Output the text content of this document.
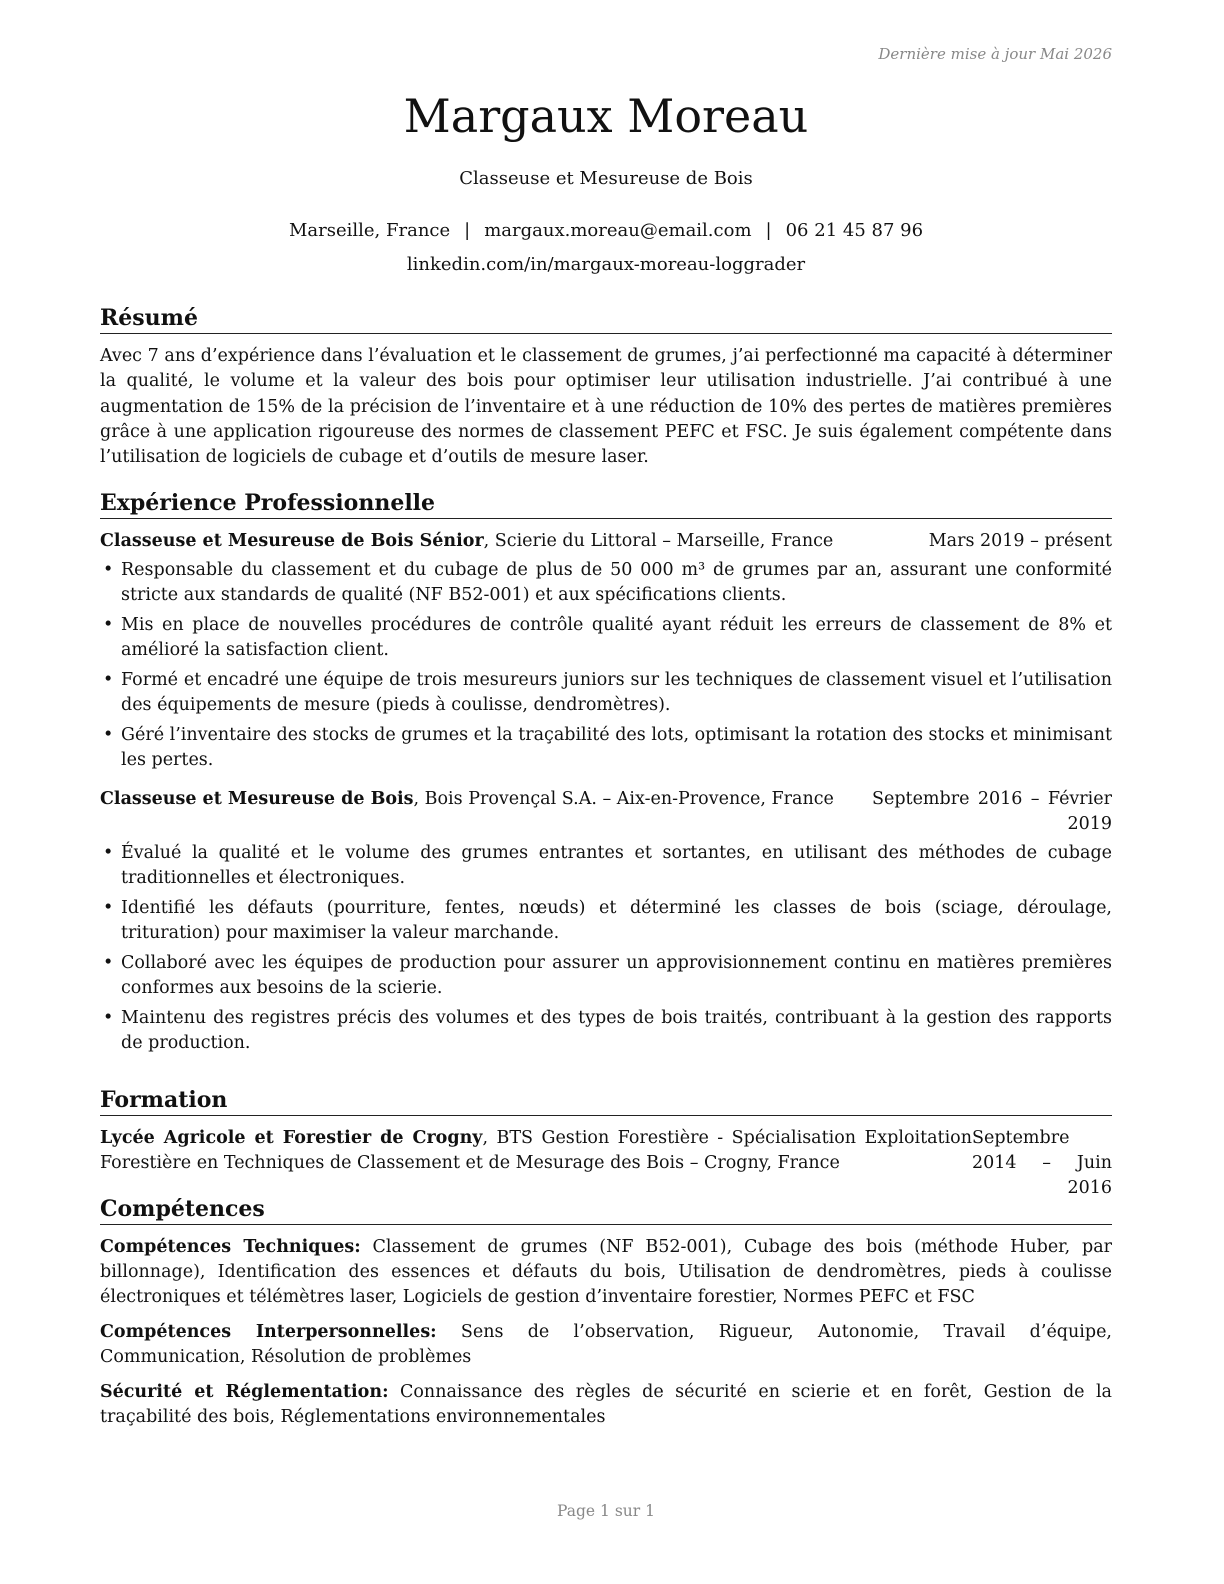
Dernière mise à jour Mai 2026
Margaux Moreau
Classeuse et Mesureuse de Bois
Marseille, France | margaux.moreau@email.com | 06 21 45 87 96
linkedin.com/in/margaux-moreau-loggrader
Résumé

Avec 7 ans d’expérience dans l’évaluation et le classement de grumes, j’ai perfectionné ma capacité à déterminer la qualité, le volume et la valeur des bois pour optimiser leur utilisation industrielle. J’ai contribué à une augmentation de 15% de la précision de l’inventaire et à une réduction de 10% des pertes de matières premières grâce à une application rigoureuse des normes de classement PEFC et FSC. Je suis également compétente dans l’utilisation de logiciels de cubage et d’outils de mesure laser.

Expérience Professionnelle
Classeuse et Mesureuse de Bois Sénior, Scierie du Littoral – Marseille, France	Mars 2019 – présent
• Responsable du classement et du cubage de plus de 50 000 m³ de grumes par an, assurant une conformité stricte aux standards de qualité (NF B52-001) et aux spécifications clients.
• Mis en place de nouvelles procédures de contrôle qualité ayant réduit les erreurs de classement de 8% et amélioré la satisfaction client.
• Formé et encadré une équipe de trois mesureurs juniors sur les techniques de classement visuel et l’utilisation des équipements de mesure (pieds à coulisse, dendromètres).
• Géré l’inventaire des stocks de grumes et la traçabilité des lots, optimisant la rotation des stocks et minimisant les pertes.
Classeuse et Mesureuse de Bois, Bois Provençal S.A. – Aix-en-Provence, France	Septembre 2016 – Février 2019
• Évalué la qualité et le volume des grumes entrantes et sortantes, en utilisant des méthodes de cubage traditionnelles et électroniques.
• Identifié les défauts (pourriture, fentes, nœuds) et déterminé les classes de bois (sciage, déroulage, trituration) pour maximiser la valeur marchande.
• Collaboré avec les équipes de production pour assurer un approvisionnement continu en matières premières conformes aux besoins de la scierie.
• Maintenu des registres précis des volumes et des types de bois traités, contribuant à la gestion des rapports de production.
Formation
Lycée Agricole et Forestier de Crogny, BTS Gestion Forestière - Spécialisation Exploitation Forestière en Techniques de Classement et de Mesurage des Bois – Crogny, France
Septembre 2014 – Juin 2016
Compétences

Compétences Techniques: Classement de grumes (NF B52-001), Cubage des bois (méthode Huber, par billonnage), Identification des essences et défauts du bois, Utilisation de dendromètres, pieds à coulisse électroniques et télémètres laser, Logiciels de gestion d’inventaire forestier, Normes PEFC et FSC

Compétences Interpersonnelles: Sens de l’observation, Rigueur, Autonomie, Travail d’équipe, Communication, Résolution de problèmes

Sécurité et Réglementation: Connaissance des règles de sécurité en scierie et en forêt, Gestion de la traçabilité des bois, Réglementations environnementales

Page 1 sur 1
